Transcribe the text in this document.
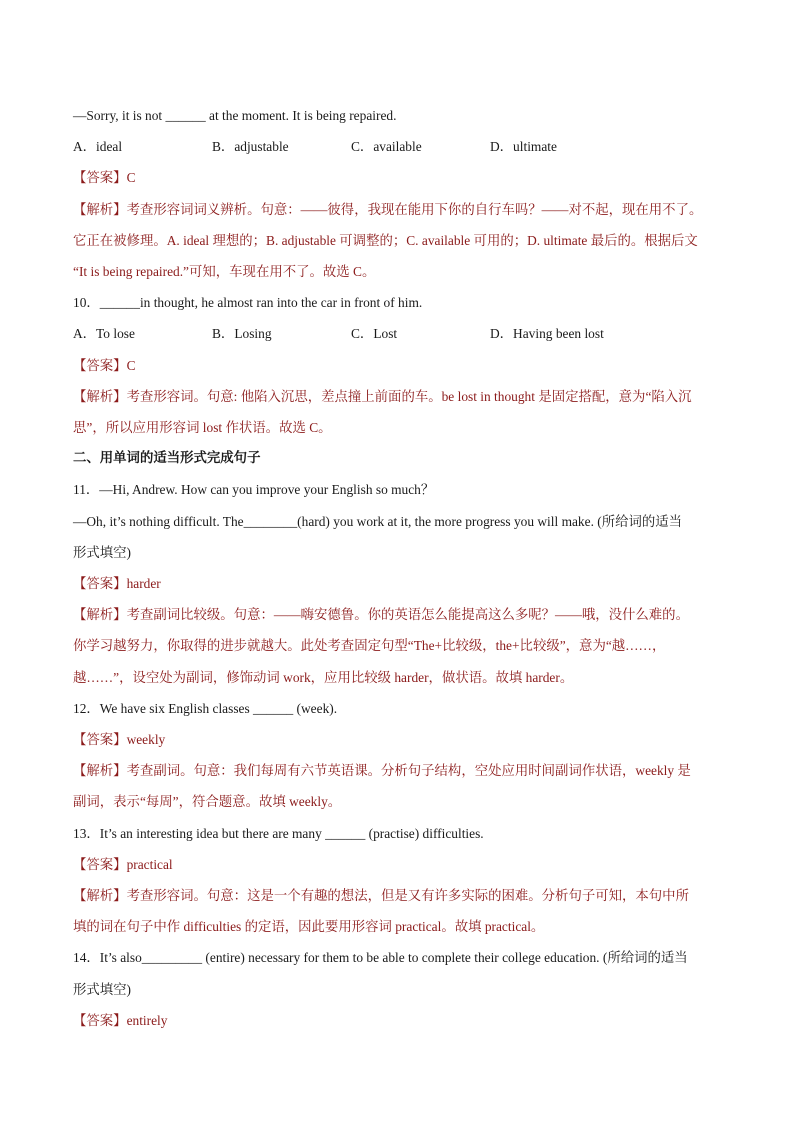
—Sorry, it is not ______ at the moment. It is being repaired.
A．ideal	B．adjustable	C．available	D．ultimate
【答案】C
【解析】考查形容词词义辨析。句意：——彼得，我现在能用下你的自行车吗？——对不起，现在用不了。
它正在被修理。A. ideal 理想的；B. adjustable 可调整的；C. available 可用的；D. ultimate 最后的。根据后文
“It is being repaired.”可知，车现在用不了。故选 C。
10．______in thought, he almost ran into the car in front of him.
A．To lose	B．Losing	C．Lost	D．Having been lost
【答案】C
【解析】考查形容词。句意: 他陷入沉思，差点撞上前面的车。be lost in thought 是固定搭配，意为“陷入沉
思”，所以应用形容词 lost 作状语。故选 C。
二、用单词的适当形式完成句子
11．—Hi, Andrew. How can you improve your English so much？
—Oh, it’s nothing difficult. The________(hard) you work at it, the more progress you will make. (所给词的适当
形式填空)
【答案】harder
【解析】考查副词比较级。句意：——嗨安德鲁。你的英语怎么能提高这么多呢？——哦，没什么难的。
你学习越努力，你取得的进步就越大。此处考查固定句型“The+比较级，the+比较级”，意为“越……，
越……”，设空处为副词，修饰动词 work，应用比较级 harder，做状语。故填 harder。
12．We have six English classes ______ (week).
【答案】weekly
【解析】考查副词。句意：我们每周有六节英语课。分析句子结构，空处应用时间副词作状语，weekly 是
副词，表示“每周”，符合题意。故填 weekly。
13．It’s an interesting idea but there are many ______ (practise) difficulties.
【答案】practical
【解析】考查形容词。句意：这是一个有趣的想法，但是又有许多实际的困难。分析句子可知，本句中所
填的词在句子中作 difficulties 的定语，因此要用形容词 practical。故填 practical。
14．It’s also_________ (entire) necessary for them to be able to complete their college education. (所给词的适当
形式填空)
【答案】entirely
